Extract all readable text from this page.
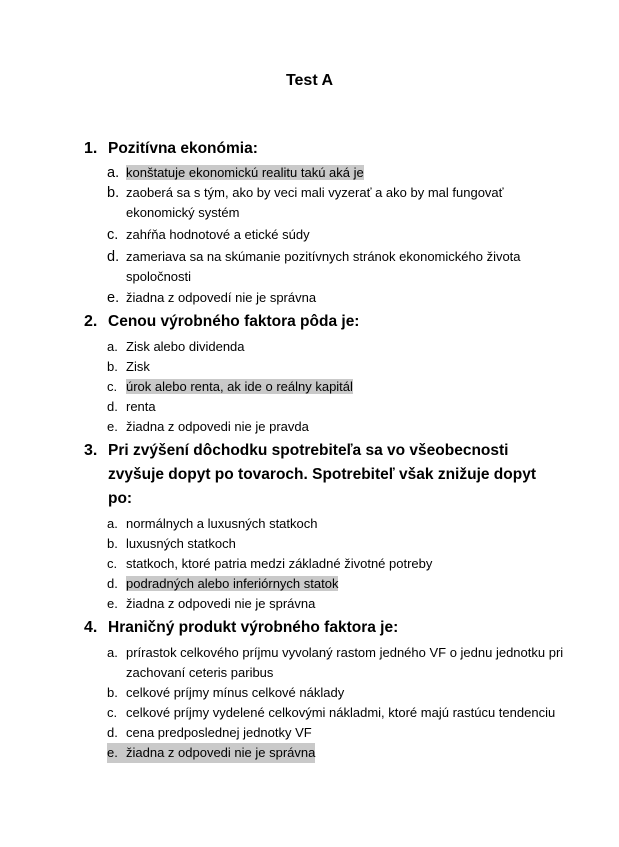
Test A
1. Pozitívna ekonómia:
a. konštatuje ekonomickú realitu takú aká je
b. zaoberá sa s tým, ako by veci mali vyzerať a ako by mal fungovať ekonomický systém
c. zahŕňa hodnotové a etické súdy
d. zameriava sa na skúmanie pozitívnych stránok ekonomického života spoločnosti
e. žiadna z odpovedí nie je správna
2. Cenou výrobného faktora pôda je:
a. Zisk alebo dividenda
b. Zisk
c. úrok alebo renta, ak ide o reálny kapitál
d. renta
e. žiadna z odpovedi nie je pravda
3. Pri zvýšení dôchodku spotrebiteľa sa vo všeobecnosti zvyšuje dopyt po tovaroch. Spotrebiteľ však znižuje dopyt po:
a. normálnych a luxusných statkoch
b. luxusných statkoch
c. statkoch, ktoré patria medzi základné životné potreby
d. podradných alebo inferiórnych statok
e. žiadna z odpovedi nie je správna
4. Hraničný produkt výrobného faktora je:
a. prírastok celkového príjmu vyvolaný rastom jedného VF o jednu jednotku pri zachovaní ceteris paribus
b. celkové príjmy mínus celkové náklady
c. celkové príjmy vydelené celkovými nákladmi, ktoré majú rastúcu tendenciu
d. cena predposlednej jednotky VF
e. žiadna z odpovedi nie je správna
